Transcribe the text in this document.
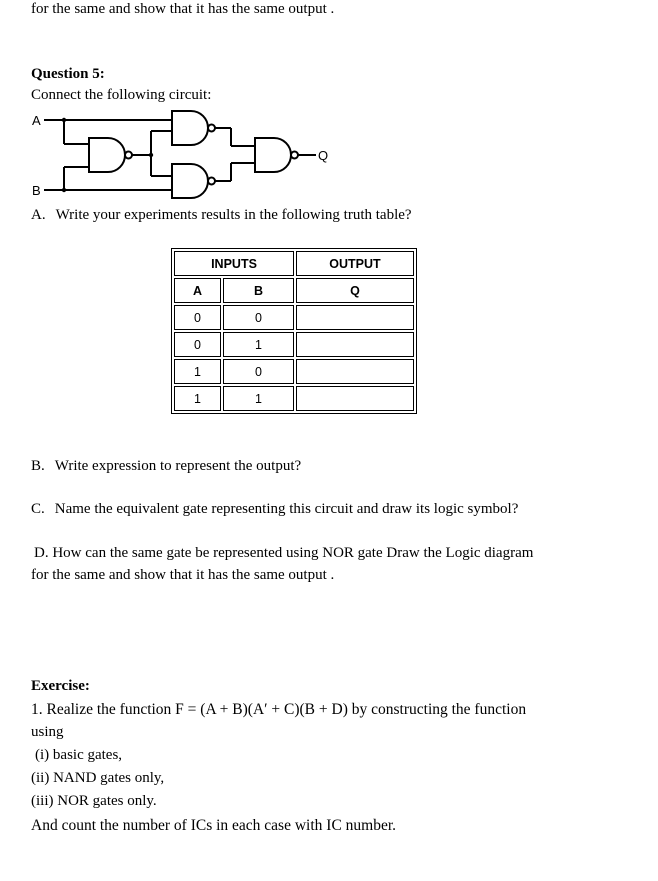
for the same and show that it has the same output .
Question 5:
Connect the following circuit:
A
B
Q
A. Write your experiments results in the following truth table?
INPUTS		OUTPUT
A	B	Q
0	0	
0	1	
1	0	
1	1	
B. Write expression to represent the output?
C. Name the equivalent gate representing this circuit and draw its logic symbol?
D. How can the same gate be represented using NOR gate Draw the Logic diagram
for the same and show that it has the same output .
Exercise:
1. Realize the function F = (A + B)(A′ + C)(B + D) by constructing the function
using
(i) basic gates,
(ii) NAND gates only,
(iii) NOR gates only.
And count the number of ICs in each case with IC number.
